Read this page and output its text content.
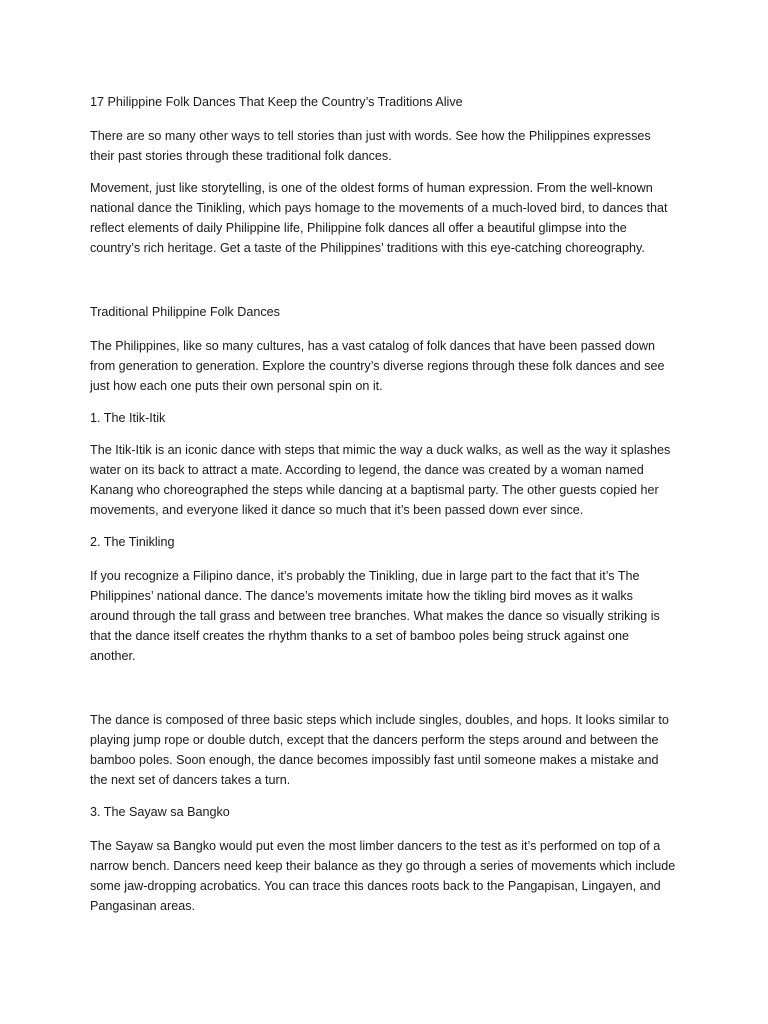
17 Philippine Folk Dances That Keep the Country’s Traditions Alive

There are so many other ways to tell stories than just with words. See how the Philippines expresses
their past stories through these traditional folk dances.

Movement, just like storytelling, is one of the oldest forms of human expression. From the well-known
national dance the Tinikling, which pays homage to the movements of a much-loved bird, to dances that
reflect elements of daily Philippine life, Philippine folk dances all offer a beautiful glimpse into the
country’s rich heritage. Get a taste of the Philippines’ traditions with this eye-catching choreography.

Traditional Philippine Folk Dances

The Philippines, like so many cultures, has a vast catalog of folk dances that have been passed down
from generation to generation. Explore the country’s diverse regions through these folk dances and see
just how each one puts their own personal spin on it.

1. The Itik-Itik

The Itik-Itik is an iconic dance with steps that mimic the way a duck walks, as well as the way it splashes
water on its back to attract a mate. According to legend, the dance was created by a woman named
Kanang who choreographed the steps while dancing at a baptismal party. The other guests copied her
movements, and everyone liked it dance so much that it’s been passed down ever since.

2. The Tinikling

If you recognize a Filipino dance, it’s probably the Tinikling, due in large part to the fact that it’s The
Philippines’ national dance. The dance’s movements imitate how the tikling bird moves as it walks
around through the tall grass and between tree branches. What makes the dance so visually striking is
that the dance itself creates the rhythm thanks to a set of bamboo poles being struck against one
another.

The dance is composed of three basic steps which include singles, doubles, and hops. It looks similar to
playing jump rope or double dutch, except that the dancers perform the steps around and between the
bamboo poles. Soon enough, the dance becomes impossibly fast until someone makes a mistake and
the next set of dancers takes a turn.

3. The Sayaw sa Bangko

The Sayaw sa Bangko would put even the most limber dancers to the test as it’s performed on top of a
narrow bench. Dancers need keep their balance as they go through a series of movements which include
some jaw-dropping acrobatics. You can trace this dances roots back to the Pangapisan, Lingayen, and
Pangasinan areas.
